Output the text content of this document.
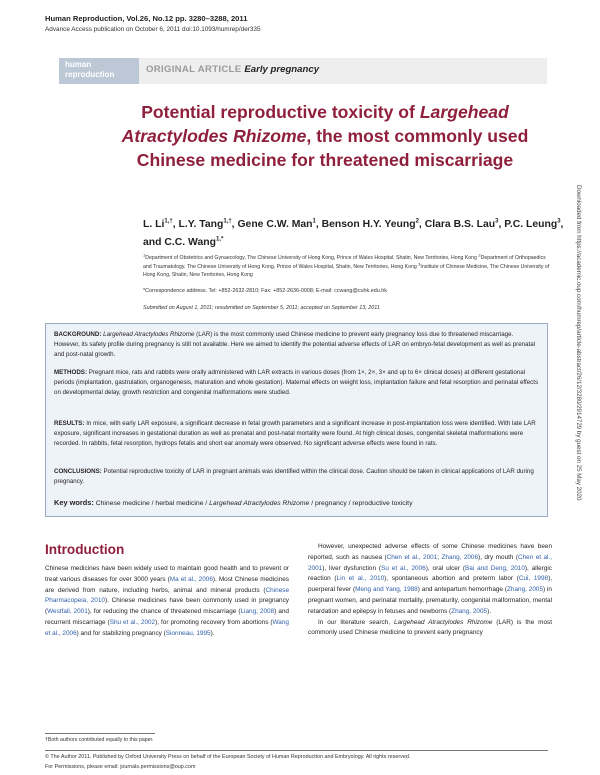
Human Reproduction, Vol.26, No.12 pp. 3280–3288, 2011
Advance Access publication on October 6, 2011 doi:10.1093/humrep/der335
human
reproduction	ORIGINAL ARTICLE Early pregnancy
Potential reproductive toxicity of Largehead Atractylodes Rhizome, the most commonly used Chinese medicine for threatened miscarriage
L. $Li^{1,\dagger}$, L.Y. Tang$^{1,\dagger}$, Gene C.W. Man$^1$, Benson H.Y. Yeung$^2$, Clara B.S. Lau$^3$, P.C. Leung$^3$, and C.C. Wang$^{1,*}$
$^1$Department of Obstetrics and Gynaecology, The Chinese University of Hong Kong, Prince of Wales Hospital, Shatin, New Territories, Hong Kong $^2$Department of Orthopaedics and Traumatology, The Chinese University of Hong Kong, Prince of Wales Hospital, Shatin, New Territories, Hong Kong $^3$Institute of Chinese Medicine, The Chinese University of Hong Kong, Shatin, New Territories, Hong Kong
*Correspondence address. Tel: +852-2632-2810; Fax: +852-2636-0008; E-mail: ccwang@cuhk.edu.hk
Submitted on August 1, 2011; resubmitted on September 5, 2011; accepted on September 13, 2011
BACKGROUND: Largehead Atractylodes Rhizome (LAR) is the most commonly used Chinese medicine to prevent early pregnancy loss due to threatened miscarriage. However, its safety profile during pregnancy is still not available. Here we aimed to identify the potential adverse effects of LAR on embryo-fetal development as well as prenatal and post-natal growth.
METHODS: Pregnant mice, rats and rabbits were orally administered with LAR extracts in various doses (from 1×, 2×, 3× and up to 6× clinical doses) at different gestational periods (implantation, gastrulation, organogenesis, maturation and whole gestation). Maternal effects on weight loss, implantation failure and fetal resorption and perinatal effects on developmental delay, growth restriction and congenital malformations were studied.
RESULTS: In mice, with early LAR exposure, a significant decrease in fetal growth parameters and a significant increase in post-implantation loss were identified. With late LAR exposure, significant increases in gestational duration as well as prenatal and post-natal mortality were found. At high clinical doses, congenital skeletal malformations were recorded. In rabbits, fetal resorption, hydrops fetalis and short ear anomaly were observed. No significant adverse effects were found in rats.
CONCLUSIONS: Potential reproductive toxicity of LAR in pregnant animals was identified within the clinical dose. Caution should be taken in clinical applications of LAR during pregnancy.
Key words: Chinese medicine / herbal medicine / Largehead Atractylodes Rhizome / pregnancy / reproductive toxicity
Introduction
Chinese medicines have been widely used to maintain good health and to prevent or treat various diseases for over 3000 years (Ma et al., 2006). Most Chinese medicines are derived from nature, including herbs, animal and mineral products (Chinese Pharmacopeia, 2010). Chinese medicines have been commonly used in pregnancy (Westfall, 2001), for reducing the chance of threatened miscarriage (Liang, 2008) and recurrent miscarriage (Shu et al., 2002), for promoting recovery from abortions (Wang et al., 2006) and for stabilizing pregnancy (Sionneau, 1995).
However, unexpected adverse effects of some Chinese medicines have been reported, such as nausea (Chen et al., 2001; Zhang, 2006), dry mouth (Chen et al., 2001), liver dysfunction (Su et al., 2006), oral ulcer (Bai and Deng, 2010), allergic reaction (Lin et al., 2010), spontaneous abortion and preterm labor (Cui, 1998), puerperal fever (Meng and Yang, 1988) and antepartum hemorrhage (Zhang, 2005) in pregnant women, and perinatal mortality, prematurity, congenital malformation, mental retardation and epilepsy in fetuses and newborns (Zhang, 2005).
In our literature search, Largehead Atractylodes Rhizome (LAR) is the most commonly used Chinese medicine to prevent early pregnancy
†Both authors contributed equally to this paper.
© The Author 2011. Published by Oxford University Press on behalf of the European Society of Human Reproduction and Embryology. All rights reserved.
For Permissions, please email: journals.permissions@oup.com
Downloaded from https://academic.oup.com/humrep/article-abstract/26/12/3280/2914729 by guest on 25 May 2020
